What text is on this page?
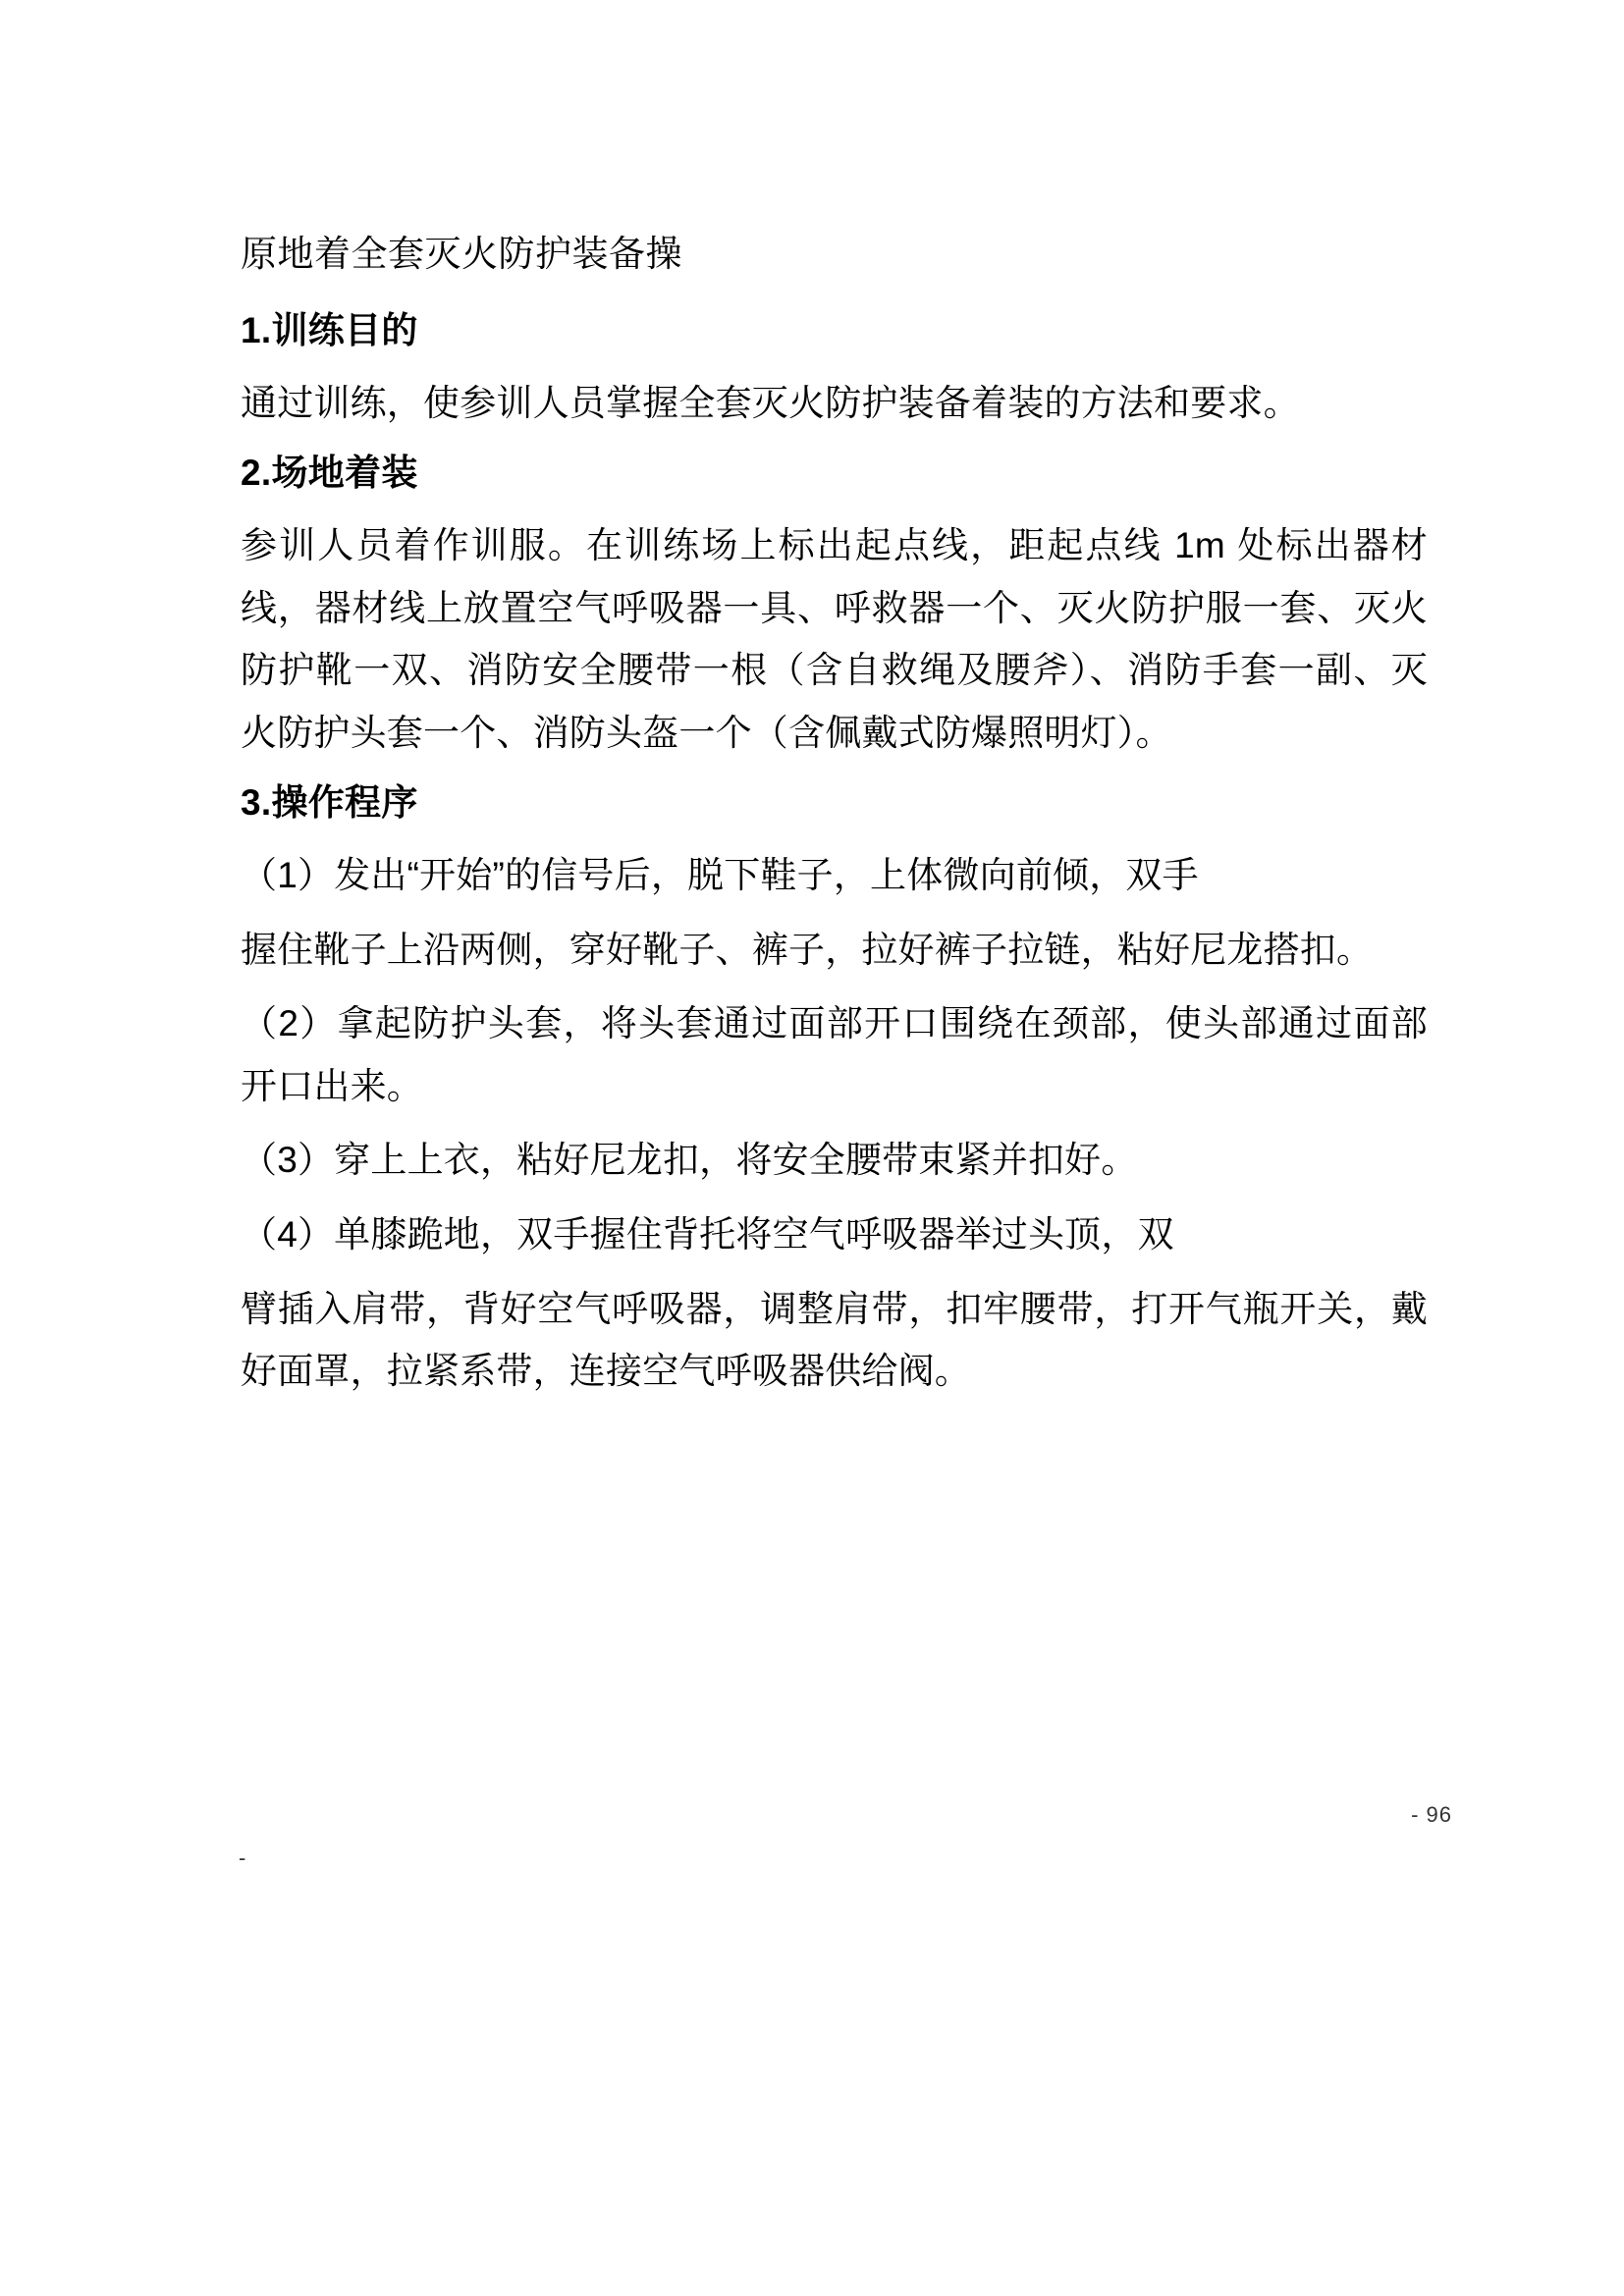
原地着全套灭火防护装备操
1.训练目的
通过训练，使参训人员掌握全套灭火防护装备着装的方法和要求。
2.场地着装
参训人员着作训服。在训练场上标出起点线，距起点线 1m 处标出器材线，器材线上放置空气呼吸器一具、呼救器一个、灭火防护服一套、灭火防护靴一双、消防安全腰带一根（含自救绳及腰斧）、消防手套一副、灭火防护头套一个、消防头盔一个（含佩戴式防爆照明灯）。
3.操作程序
（1）发出“开始”的信号后，脱下鞋子，上体微向前倾，双手
握住靴子上沿两侧，穿好靴子、裤子，拉好裤子拉链，粘好尼龙搭扣。
（2）拿起防护头套，将头套通过面部开口围绕在颈部，使头部通过面部开口出来。
（3）穿上上衣，粘好尼龙扣，将安全腰带束紧并扣好。
（4）单膝跪地，双手握住背托将空气呼吸器举过头顶，双
臂插入肩带，背好空气呼吸器，调整肩带，扣牢腰带，打开气瓶开关，戴好面罩，拉紧系带，连接空气呼吸器供给阀。
- 96
-
